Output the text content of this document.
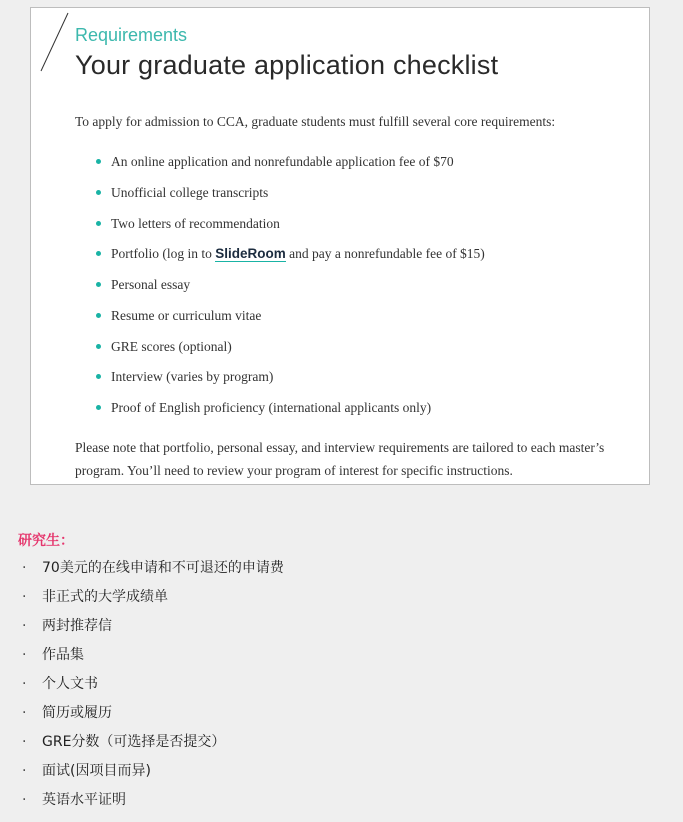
Requirements
Your graduate application checklist
To apply for admission to CCA, graduate students must fulfill several core requirements:
An online application and nonrefundable application fee of $70
Unofficial college transcripts
Two letters of recommendation
Portfolio (log in to SlideRoom and pay a nonrefundable fee of $15)
Personal essay
Resume or curriculum vitae
GRE scores (optional)
Interview (varies by program)
Proof of English proficiency (international applicants only)
Please note that portfolio, personal essay, and interview requirements are tailored to each master’s program. You’ll need to review your program of interest for specific instructions.
研究生：
· 70美元的在线申请和不可退还的申请费
· 非正式的大学成绩单
· 两封推荐信
· 作品集
· 个人文书
· 简历或履历
· GRE分数（可选择是否提交）
· 面试(因项目而异)
· 英语水平证明
